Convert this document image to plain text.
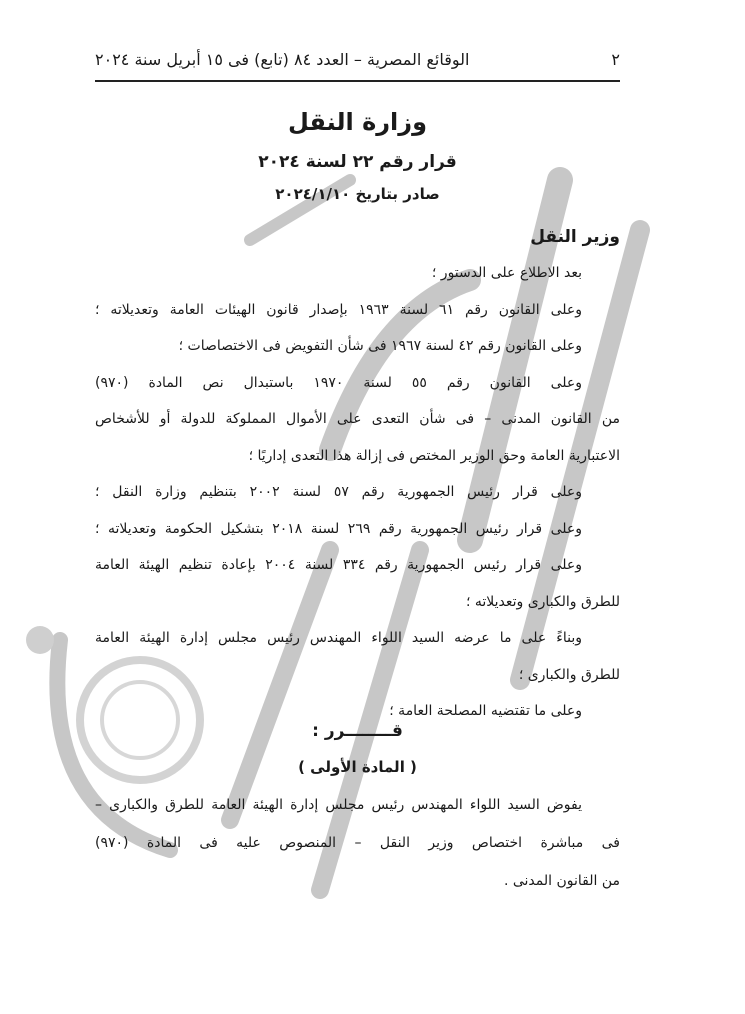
٢
الوقائع المصرية – العدد ٨٤ (تابع) فى ١٥ أبريل سنة ٢٠٢٤
وزارة النقل
قرار رقم ٢٢ لسنة ٢٠٢٤
صادر بتاريخ ٢٠٢٤/١/١٠
وزير النقل
بعد الاطلاع على الدستور ؛
وعلى القانون رقم ٦١ لسنة ١٩٦٣ بإصدار قانون الهيئات العامة وتعديلاته ؛
وعلى القانون رقم ٤٢ لسنة ١٩٦٧ فى شأن التفويض فى الاختصاصات ؛
وعلى القانون رقم ٥٥ لسنة ١٩٧٠ باستبدال نص المادة (٩٧٠)
من القانون المدنى – فى شأن التعدى على الأموال المملوكة للدولة أو للأشخاص
الاعتبارية العامة وحق الوزير المختص فى إزالة هذا التعدى إداريًا ؛
وعلى قرار رئيس الجمهورية رقم ٥٧ لسنة ٢٠٠٢ بتنظيم وزارة النقل ؛
وعلى قرار رئيس الجمهورية رقم ٢٦٩ لسنة ٢٠١٨ بتشكيل الحكومة وتعديلاته ؛
وعلى قرار رئيس الجمهورية رقم ٣٣٤ لسنة ٢٠٠٤ بإعادة تنظيم الهيئة العامة
للطرق والكبارى وتعديلاته ؛
وبناءً على ما عرضه السيد اللواء المهندس رئيس مجلس إدارة الهيئة العامة
للطرق والكبارى ؛
وعلى ما تقتضيه المصلحة العامة ؛
قــــــــرر :
( المادة الأولى )
يفوض السيد اللواء المهندس رئيس مجلس إدارة الهيئة العامة للطرق والكبارى –
فى مباشرة اختصاص وزير النقل – المنصوص عليه فى المادة (٩٧٠)
من القانون المدنى .
